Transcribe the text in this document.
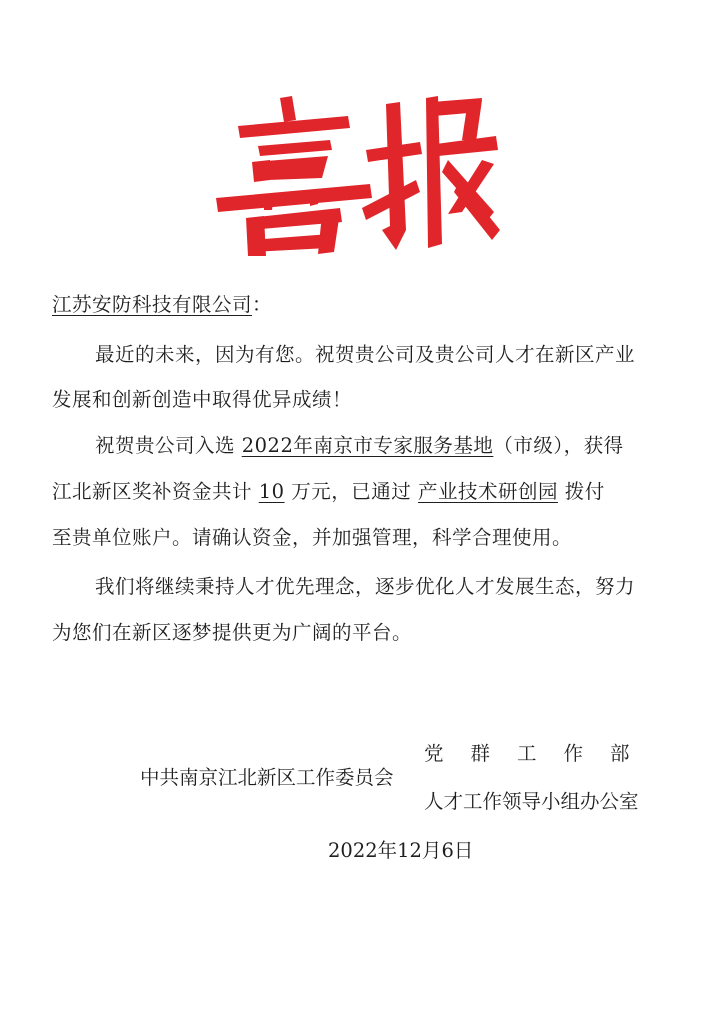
江苏安防科技有限公司：
最近的未来，因为有您。祝贺贵公司及贵公司人才在新区产业
发展和创新创造中取得优异成绩！
祝贺贵公司入选 2022年南京市专家服务基地（市级），获得
江北新区奖补资金共计 10 万元，已通过 产业技术研创园 拨付
至贵单位账户。请确认资金，并加强管理，科学合理使用。
我们将继续秉持人才优先理念，逐步优化人才发展生态，努力
为您们在新区逐梦提供更为广阔的平台。
中共南京江北新区工作委员会
党群工作部
人才工作领导小组办公室
2022年12月6日
